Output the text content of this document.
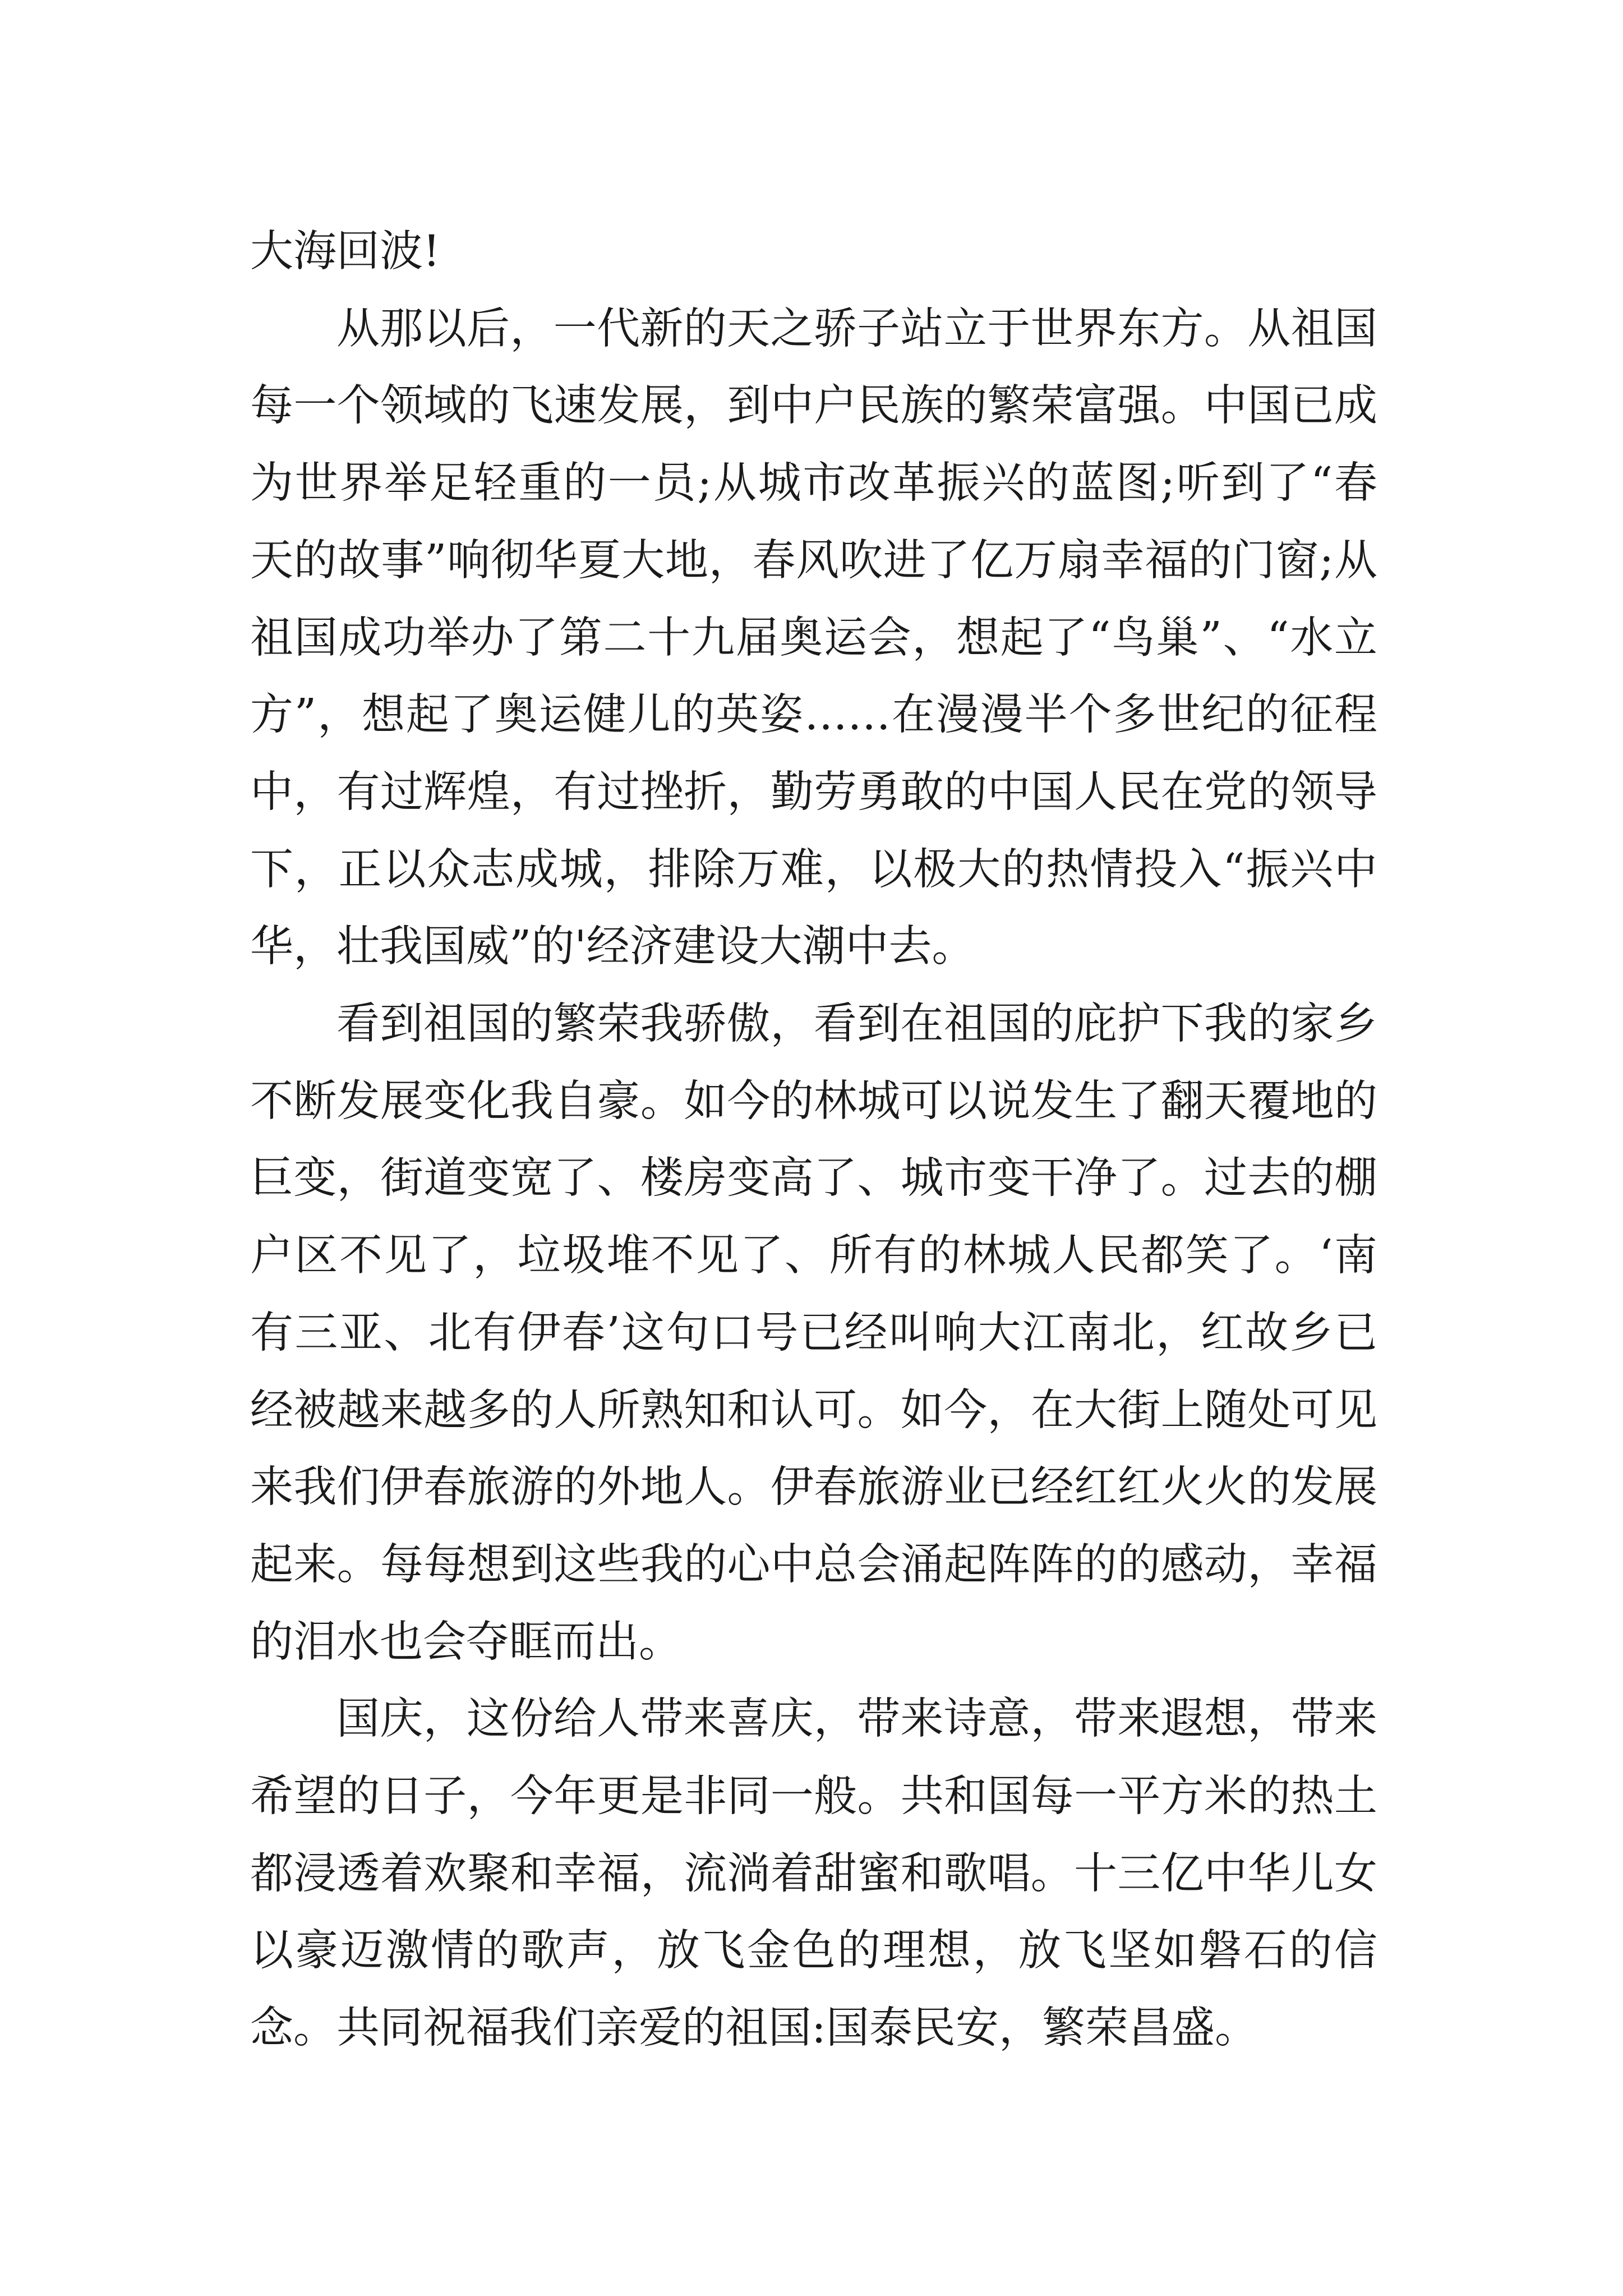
大海回波!

从那以后，一代新的天之骄子站立于世界东方。从祖国每一个领域的飞速发展，到中户民族的繁荣富强。中国已成为世界举足轻重的一员;从城市改革振兴的蓝图;听到了“春天的故事”响彻华夏大地，春风吹进了亿万扇幸福的门窗;从祖国成功举办了第二十九届奥运会，想起了“鸟巢”、“水立方”，想起了奥运健儿的英姿……在漫漫半个多世纪的征程中，有过辉煌，有过挫折，勤劳勇敢的中国人民在党的领导下，正以众志成城，排除万难，以极大的热情投入“振兴中华，壮我国威”的'经济建设大潮中去。

看到祖国的繁荣我骄傲，看到在祖国的庇护下我的家乡不断发展变化我自豪。如今的林城可以说发生了翻天覆地的巨变，街道变宽了、楼房变高了、城市变干净了。过去的棚户区不见了，垃圾堆不见了、所有的林城人民都笑了。‘南有三亚、北有伊春’这句口号已经叫响大江南北，红故乡已经被越来越多的人所熟知和认可。如今，在大街上随处可见来我们伊春旅游的外地人。伊春旅游业已经红红火火的发展起来。每每想到这些我的心中总会涌起阵阵的的感动，幸福的泪水也会夺眶而出。

国庆，这份给人带来喜庆，带来诗意，带来遐想，带来希望的日子，今年更是非同一般。共和国每一平方米的热土都浸透着欢聚和幸福，流淌着甜蜜和歌唱。十三亿中华儿女以豪迈激情的歌声，放飞金色的理想，放飞坚如磐石的信念。共同祝福我们亲爱的祖国:国泰民安，繁荣昌盛。
